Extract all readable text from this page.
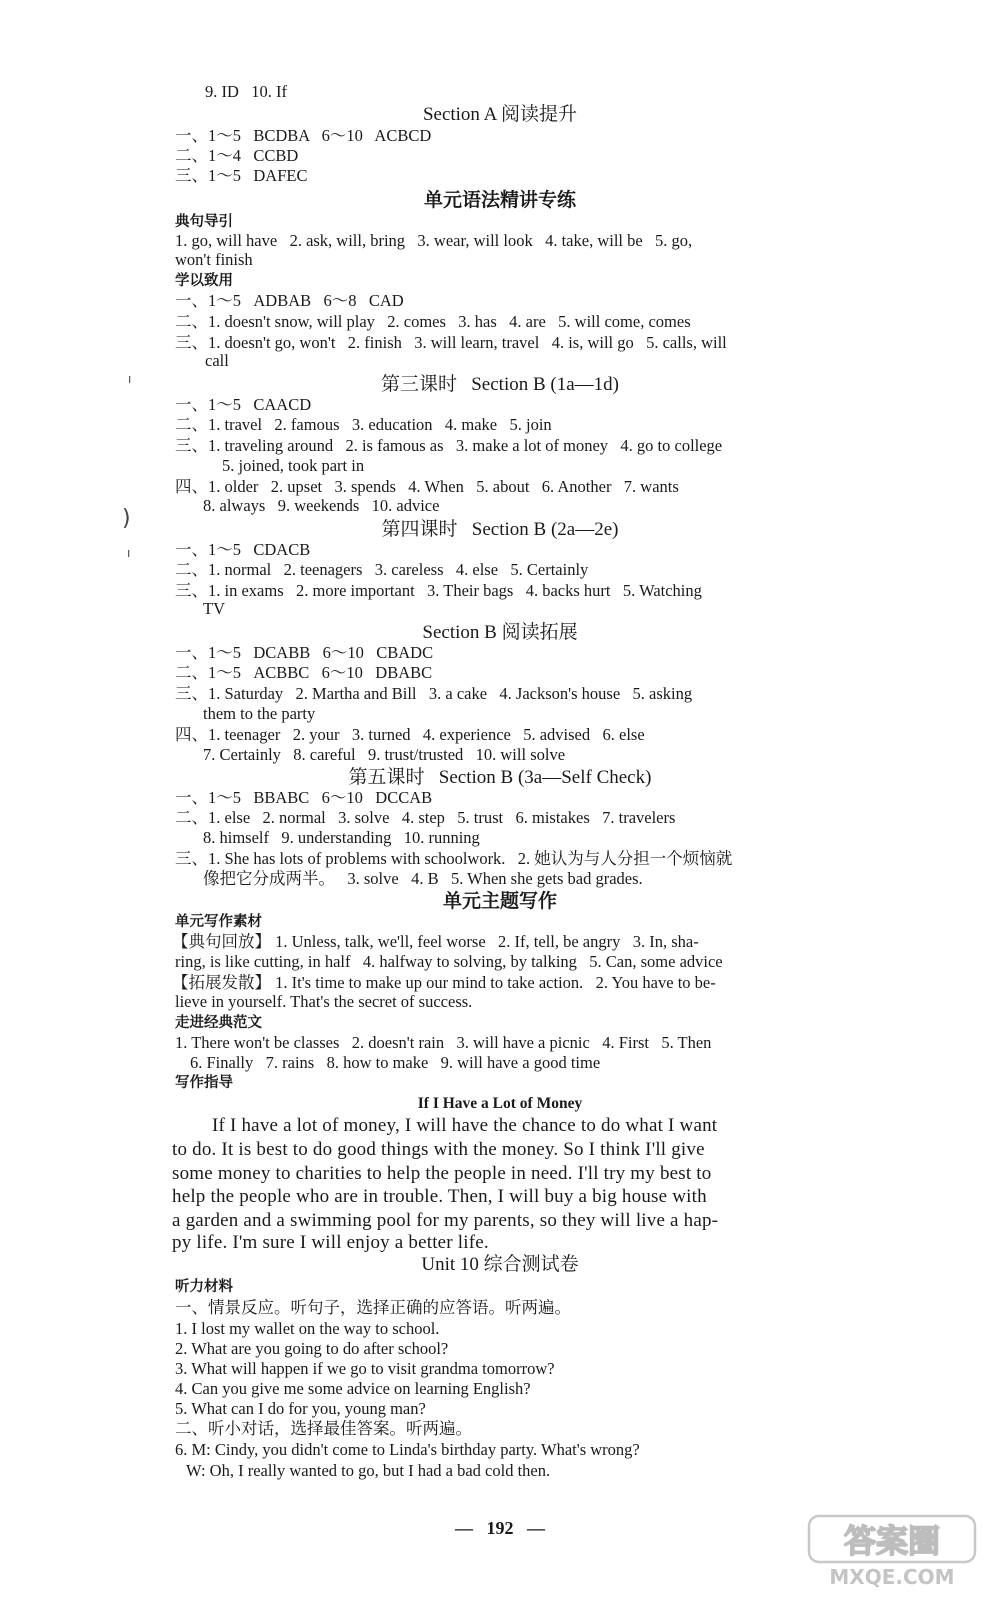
9. ID   10. If
Section A 阅读提升
一、1～5   BCDBA   6～10   ACBCD
二、1～4   CCBD
三、1～5   DAFEC
单元语法精讲专练
典句导引
1. go, will have   2. ask, will, bring   3. wear, will look   4. take, will be   5. go,
won't finish
学以致用
一、1～5   ADBAB   6～8   CAD
二、1. doesn't snow, will play   2. comes   3. has   4. are   5. will come, comes
三、1. doesn't go, won't   2. finish   3. will learn, travel   4. is, will go   5. calls, will
call
第三课时   Section B (1a—1d)
一、1～5   CAACD
二、1. travel   2. famous   3. education   4. make   5. join
三、1. traveling around   2. is famous as   3. make a lot of money   4. go to college
5. joined, took part in
四、1. older   2. upset   3. spends   4. When   5. about   6. Another   7. wants
8. always   9. weekends   10. advice
第四课时   Section B (2a—2e)
一、1～5   CDACB
二、1. normal   2. teenagers   3. careless   4. else   5. Certainly
三、1. in exams   2. more important   3. Their bags   4. backs hurt   5. Watching
TV
Section B 阅读拓展
一、1～5   DCABB   6～10   CBADC
二、1～5   ACBBC   6～10   DBABC
三、1. Saturday   2. Martha and Bill   3. a cake   4. Jackson's house   5. asking
them to the party
四、1. teenager   2. your   3. turned   4. experience   5. advised   6. else
7. Certainly   8. careful   9. trust/trusted   10. will solve
第五课时   Section B (3a—Self Check)
一、1～5   BBABC   6～10   DCCAB
二、1. else   2. normal   3. solve   4. step   5. trust   6. mistakes   7. travelers
8. himself   9. understanding   10. running
三、1. She has lots of problems with schoolwork.   2. 她认为与人分担一个烦恼就
像把它分成两半。   3. solve   4. B   5. When she gets bad grades.
单元主题写作
单元写作素材
【典句回放】 1. Unless, talk, we'll, feel worse   2. If, tell, be angry   3. In, sha-
ring, is like cutting, in half   4. halfway to solving, by talking   5. Can, some advice
【拓展发散】 1. It's time to make up our mind to take action.   2. You have to be-
lieve in yourself. That's the secret of success.
走进经典范文
1. There won't be classes   2. doesn't rain   3. will have a picnic   4. First   5. Then
6. Finally   7. rains   8. how to make   9. will have a good time
写作指导
If I Have a Lot of Money
If I have a lot of money, I will have the chance to do what I want
to do. It is best to do good things with the money. So I think I'll give
some money to charities to help the people in need. I'll try my best to
help the people who are in trouble. Then, I will buy a big house with
a garden and a swimming pool for my parents, so they will live a hap-
py life. I'm sure I will enjoy a better life.
Unit 10 综合测试卷
听力材料
一、情景反应。听句子，选择正确的应答语。听两遍。
1. I lost my wallet on the way to school.
2. What are you going to do after school?
3. What will happen if we go to visit grandma tomorrow?
4. Can you give me some advice on learning English?
5. What can I do for you, young man?
二、听小对话，选择最佳答案。听两遍。
6. M: Cindy, you didn't come to Linda's birthday party. What's wrong?
W: Oh, I really wanted to go, but I had a bad cold then.
—   192   —
ı
)
ı
答案圈
MXQE.COM
